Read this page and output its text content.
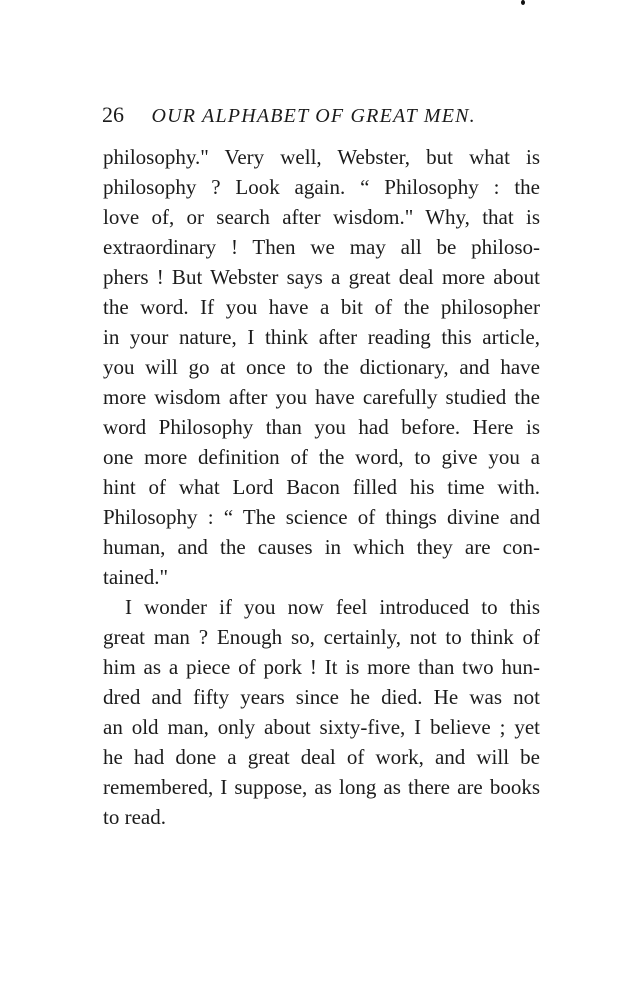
26 OUR ALPHABET OF GREAT MEN.

philosophy." Very well, Webster, but what is
philosophy ? Look again. “ Philosophy : the
love of, or search after wisdom." Why, that is
extraordinary ! Then we may all be philoso-
phers ! But Webster says a great deal more about
the word. If you have a bit of the philosopher
in your nature, I think after reading this article,
you will go at once to the dictionary, and have
more wisdom after you have carefully studied the
word Philosophy than you had before. Here is
one more definition of the word, to give you a
hint of what Lord Bacon filled his time with.
Philosophy : “ The science of things divine and
human, and the causes in which they are con-
tained."

I wonder if you now feel introduced to this
great man ? Enough so, certainly, not to think of
him as a piece of pork ! It is more than two hun-
dred and fifty years since he died. He was not
an old man, only about sixty-five, I believe ; yet
he had done a great deal of work, and will be
remembered, I suppose, as long as there are books
to read.
